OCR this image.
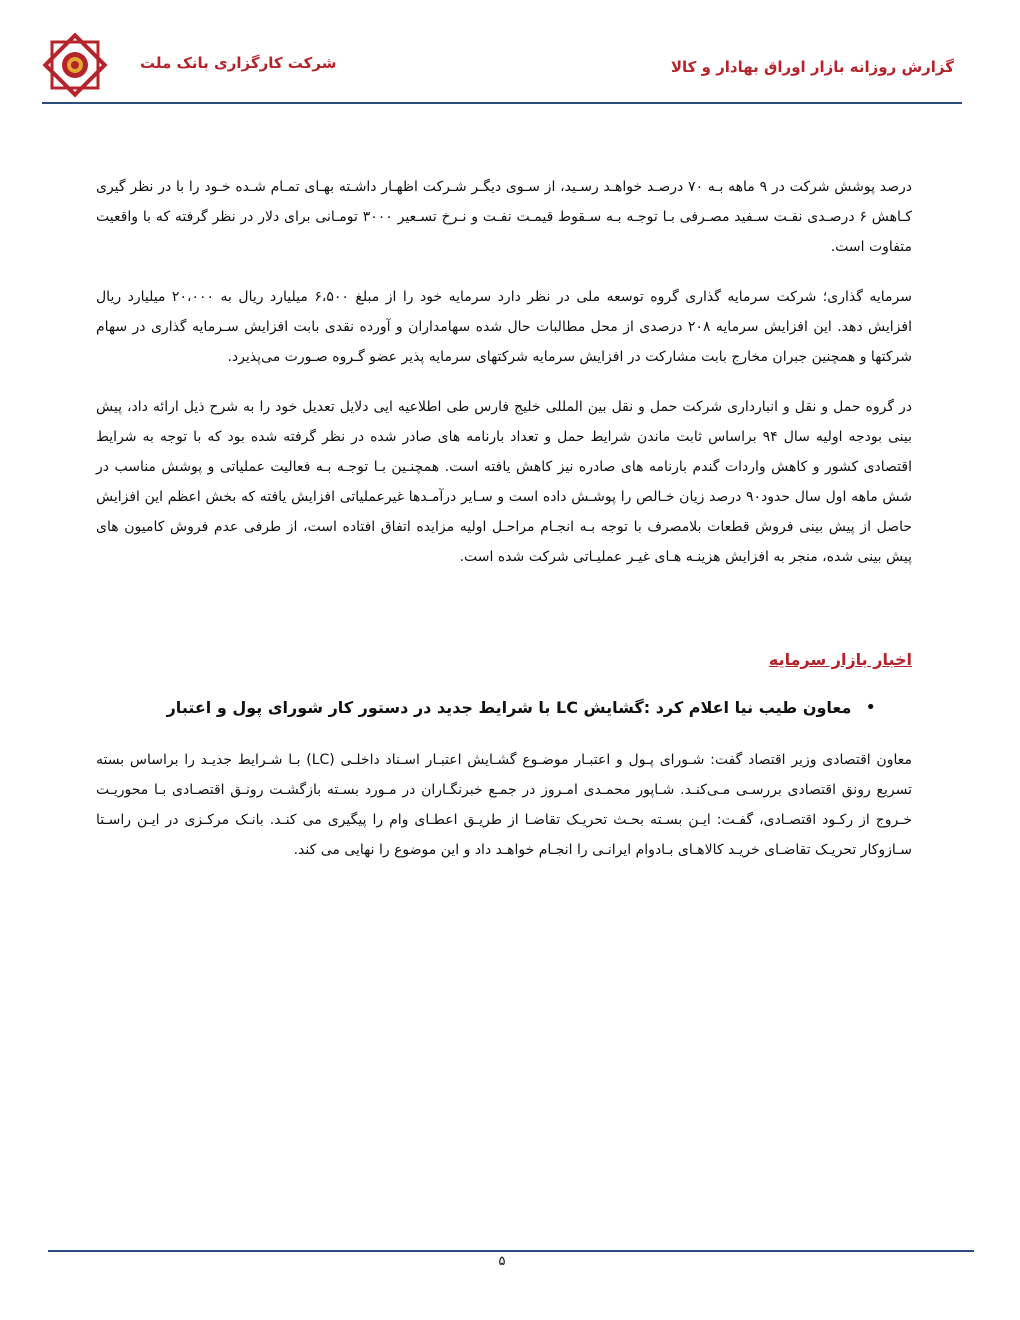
شرکت کارگزاری بانک ملت	گزارش روزانه بازار اوراق بهادار و کالا

درصد پوشش شرکت در ۹ ماهه بـه ۷۰ درصـد خواهـد رسـید، از سـوی دیگـر شـرکت اظهـار داشـته بهـای تمـام شـده خـود را با در نظر گیری کـاهش ۶ درصـدی نفـت سـفید مصـرفی بـا توجـه بـه سـقوط قیمـت نفـت و نـرخ تسـعیر ۳۰۰۰ تومـانی برای دلار در نظر گرفته که با واقعیت متفاوت است.

سرمایه گذاری؛ شرکت سرمایه گذاری گروه توسعه ملی در نظر دارد سرمایه خود را از مبلغ ۶،۵۰۰ میلیارد ریال به ۲۰،۰۰۰ میلیارد ریال افزایش دهد. این افزایش سرمایه ۲۰۸ درصدی از محل مطالبات حال شده سهامداران و آورده نقدی بابت افزایش سـرمایه گذاری در سهام شرکتها و همچنین جبران مخارج بابت مشارکت در افزایش سرمایه شرکتهای سرمایه پذیر عضو گـروه صـورت می‌پذیرد.

در گروه حمل و نقل و انبارداری شرکت حمل و نقل بین المللی خلیج فارس طی اطلاعیه ایی دلایل تعدیل خود را به شرح ذیل ارائه داد، پیش بینی بودجه اولیه سال ۹۴ براساس ثابت ماندن شرایط حمل و تعداد بارنامه های صادر شده در نظر گرفته شده بود که با توجه به شرایط اقتصادی کشور و کاهش واردات گندم بارنامه های صادره نیز کاهش یافته است. همچنـین بـا توجـه بـه فعالیت عملیاتی و پوشش مناسب در شش ماهه اول سال حدود۹۰ درصد زیان خـالص را پوشـش داده است و سـایر درآمـدها غیرعملیاتی افزایش یافته که بخش اعظم این افزایش حاصل از پیش بینی فروش قطعات بلامصرف با توجه بـه انجـام مراحـل اولیه مزایده اتفاق افتاده است، از طرفی عدم فروش کامیون های پیش بینی شده، منجر به افزایش هزینـه هـای غیـر عملیـاتی شرکت شده است.

اخبار بازار سرمایه
•
معاون طیب نیا اعلام کرد :گشایش LC با شرایط جدید در دستور کار شورای پول و اعتبار

معاون اقتصادی وزیر اقتصاد گفت: شـورای پـول و اعتبـار موضـوع گشـایش اعتبـار اسـناد داخلـی (LC) بـا شـرایط جدیـد را براساس بسته تسریع رونق اقتصادی بررسـی مـی‌کنـد. شـاپور محمـدی امـروز در جمـع خبرنگـاران در مـورد بسـته بازگشـت رونـق اقتصـادی بـا محوریـت خـروج از رکـود اقتصـادی، گفـت: ایـن بسـته بحـث تحریـک تقاضـا از طریـق اعطـای وام را پیگیری می کنـد. بانـک مرکـزی در ایـن راسـتا سـازوکار تحریـک تقاضـای خریـد کالاهـای بـادوام ایرانـی را انجـام خواهـد داد و این موضوع را نهایی می کند.

۵
